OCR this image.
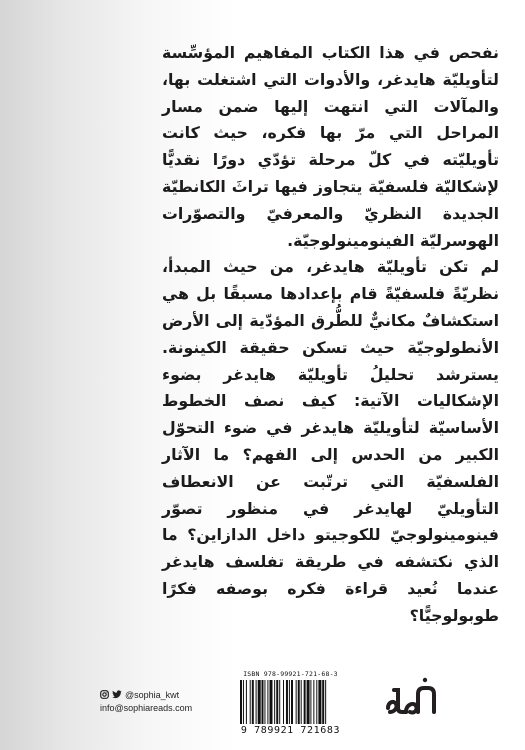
نفحص في هذا الكتاب المفاهيم المؤسِّسة لتأويليّة هايدغر، والأدوات التي اشتغلت بها، والمآلات التي انتهت إليها ضمن مسار المراحل التي مرّ بها فكره، حيث كانت تأويليّته في كلّ مرحلة تؤدّي دورًا نقديًّا لإشكاليّة فلسفيّة يتجاوز فيها تراثَ الكانطيّة الجديدة النظريّ والمعرفيّ والتصوّرات الهوسرليّة الفينومينولوجيّة.

لم تكن تأويليّة هايدغر، من حيث المبدأ، نظريّةً فلسفيّةً قام بإعدادها مسبقًا بل هي استكشافٌ مكانيٌّ للطُّرق المؤدّية إلى الأرض الأنطولوجيّة حيث تسكن حقيقة الكينونة. يسترشد تحليلُ تأويليّة هايدغر بضوء الإشكاليات الآتية: كيف نصف الخطوط الأساسيّة لتأويليّة هايدغر في ضوء التحوّل الكبير من الحدس إلى الفهم؟ ما الآثار الفلسفيّة التي ترتّبت عن الانعطاف التأويليّ لهايدغر في منظور تصوّر فينومينولوجيّ للكوجيتو داخل الدازاين؟ ما الذي نكتشفه في طريقة تفلسف هايدغر عندما نُعيد قراءة فكره بوصفه فكرًا طوبولوجيًّا؟

@sophia_kwt
info@sophiareads.com
ISBN 978-99921-721-68-3
9 789921 721683
